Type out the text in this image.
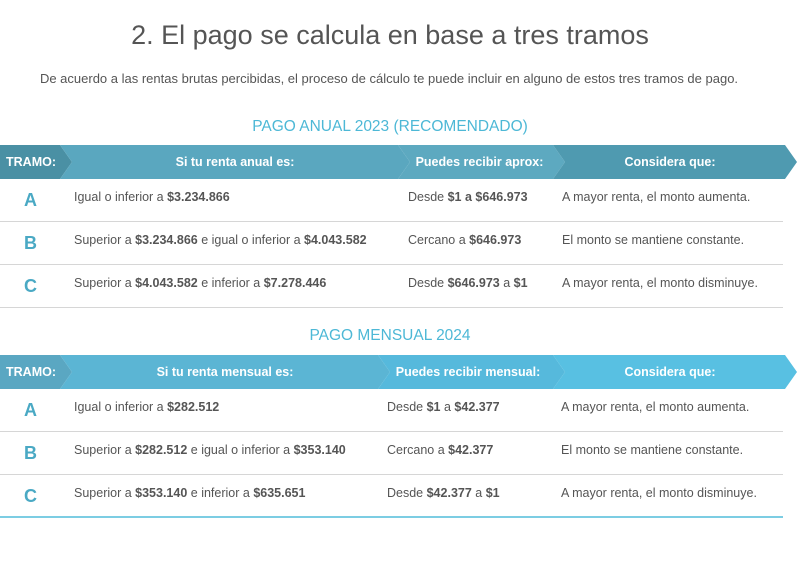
2. El pago se calcula en base a tres tramos
De acuerdo a las rentas brutas percibidas, el proceso de cálculo te puede incluir en alguno de estos tres tramos de pago.
PAGO ANUAL 2023 (RECOMENDADO)
TRAMO:	Si tu renta anual es:	Puedes recibir aprox:	Considera que:
A	Igual o inferior a $3.234.866	Desde $1 a $646.973	A mayor renta, el monto aumenta.
B	Superior a $3.234.866 e igual o inferior a $4.043.582	Cercano a $646.973	El monto se mantiene constante.
C	Superior a $4.043.582 e inferior a $7.278.446	Desde $646.973 a $1	A mayor renta, el monto disminuye.
PAGO MENSUAL 2024
TRAMO:	Si tu renta mensual es:	Puedes recibir mensual:	Considera que:
A	Igual o inferior a $282.512	Desde $1 a $42.377	A mayor renta, el monto aumenta.
B	Superior a $282.512 e igual o inferior a $353.140	Cercano a $42.377	El monto se mantiene constante.
C	Superior a $353.140 e inferior a $635.651	Desde $42.377 a $1	A mayor renta, el monto disminuye.
